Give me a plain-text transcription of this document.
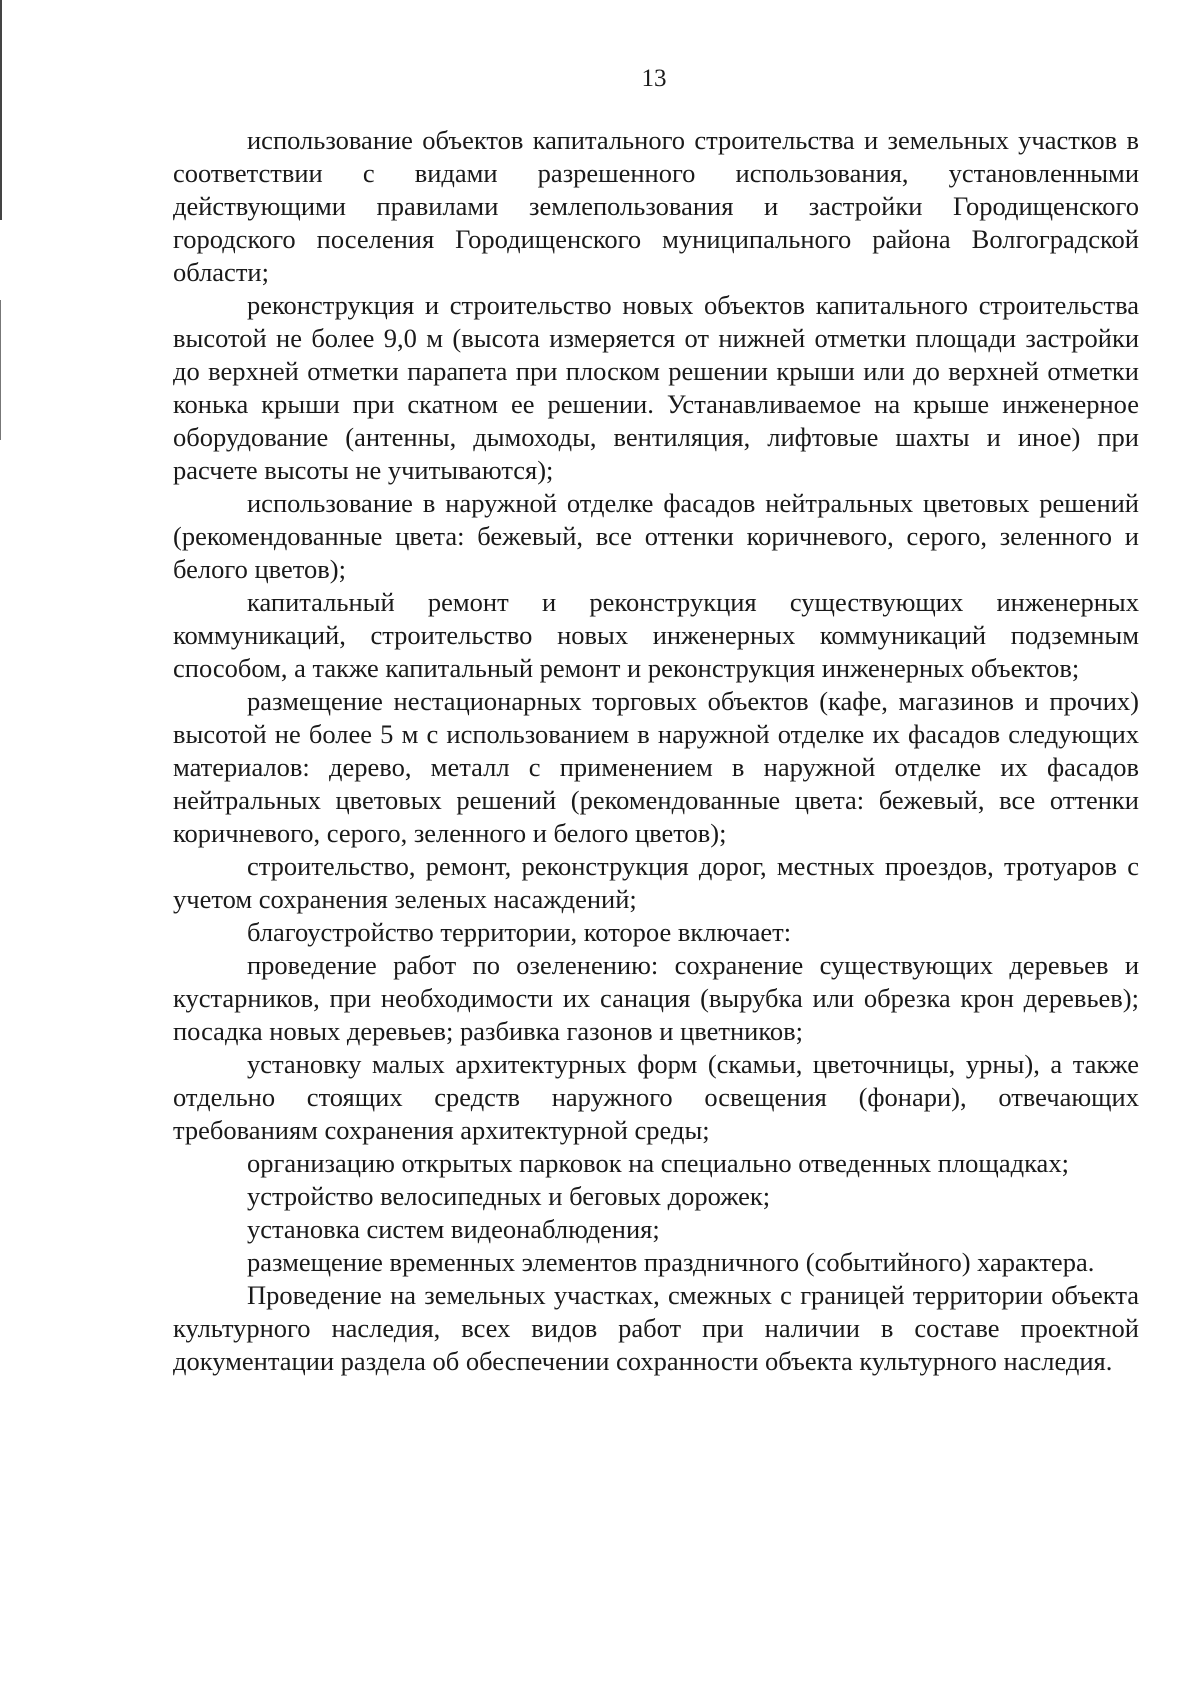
13

использование объектов капитального строительства и земельных участков в соответствии с видами разрешенного использования, установленными действующими правилами землепользования и застройки Городищенского городского поселения Городищенского муниципального района Волгоградской области;

реконструкция и строительство новых объектов капитального строительства высотой не более 9,0 м (высота измеряется от нижней отметки площади застройки до верхней отметки парапета при плоском решении крыши или до верхней отметки конька крыши при скатном ее решении. Устанавливаемое на крыше инженерное оборудование (антенны, дымоходы, вентиляция, лифтовые шахты и иное) при расчете высоты не учитываются);

использование в наружной отделке фасадов нейтральных цветовых решений (рекомендованные цвета: бежевый, все оттенки коричневого, серого, зеленного и белого цветов);

капитальный ремонт и реконструкция существующих инженерных коммуникаций, строительство новых инженерных коммуникаций подземным способом, а также капитальный ремонт и реконструкция инженерных объектов;

размещение нестационарных торговых объектов (кафе, магазинов и прочих) высотой не более 5 м с использованием в наружной отделке их фасадов следующих материалов: дерево, металл с применением в наружной отделке их фасадов нейтральных цветовых решений (рекомендованные цвета: бежевый, все оттенки коричневого, серого, зеленного и белого цветов);

строительство, ремонт, реконструкция дорог, местных проездов, тротуаров с учетом сохранения зеленых насаждений;

благоустройство территории, которое включает:

проведение работ по озеленению: сохранение существующих деревьев и кустарников, при необходимости их санация (вырубка или обрезка крон деревьев); посадка новых деревьев; разбивка газонов и цветников;

установку малых архитектурных форм (скамьи, цветочницы, урны), а также отдельно стоящих средств наружного освещения (фонари), отвечающих требованиям сохранения архитектурной среды;

организацию открытых парковок на специально отведенных площадках;

устройство велосипедных и беговых дорожек;

установка систем видеонаблюдения;

размещение временных элементов праздничного (событийного) характера.

Проведение на земельных участках, смежных с границей территории объекта культурного наследия, всех видов работ при наличии в составе проектной документации раздела об обеспечении сохранности объекта культурного наследия.
